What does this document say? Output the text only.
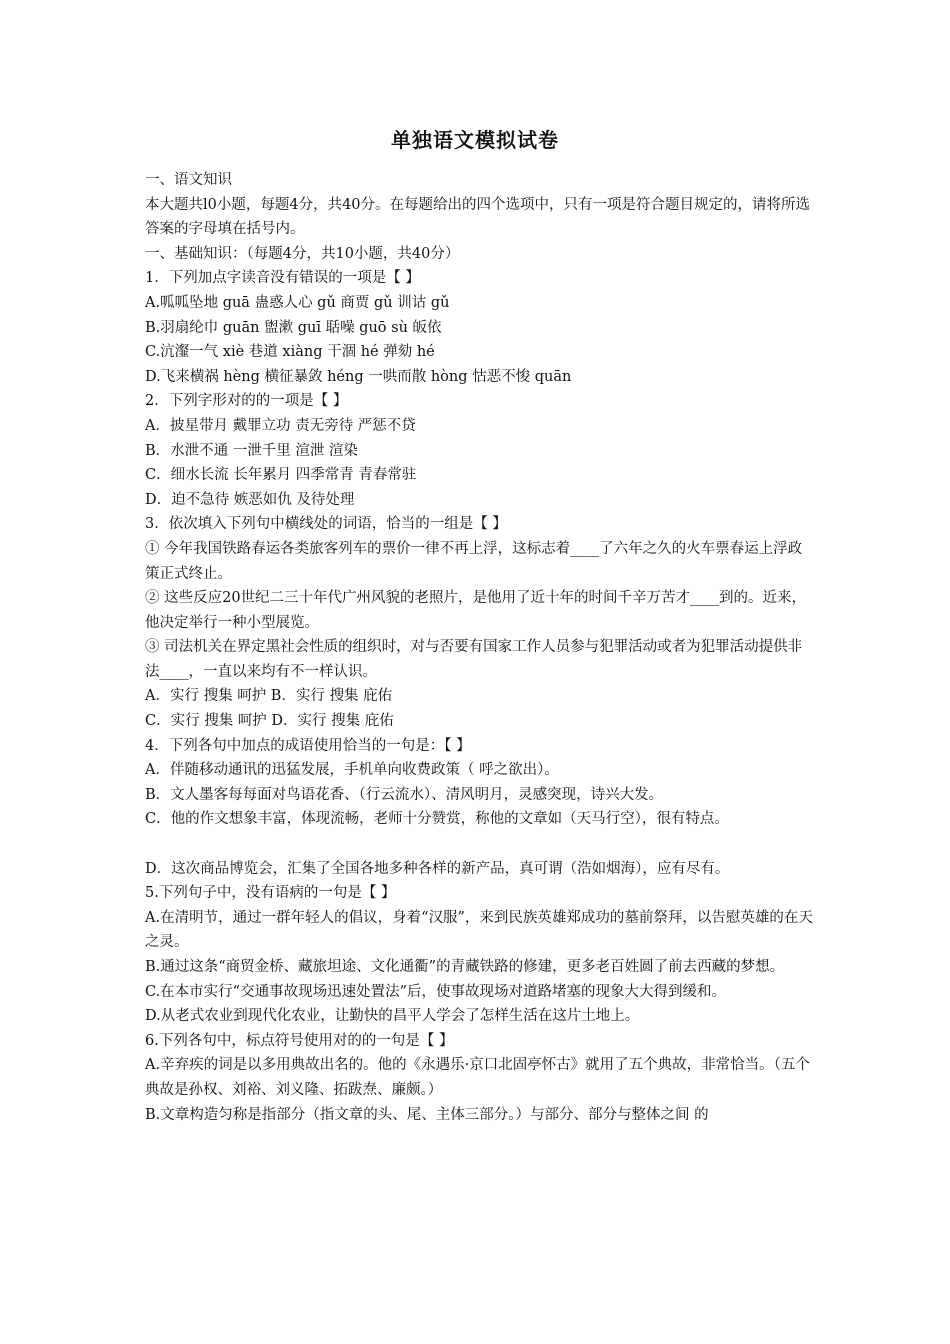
单独语文模拟试卷
一、语文知识
本大题共l0小题，每题4分，共40分。在每题给出的四个选项中，只有一项是符合题目规定的，请将所选答案的字母填在括号内。
一、基础知识：（每题4分，共10小题，共40分）
1．下列加点字读音没有错误的一项是【 】
A.呱呱坠地 guā 蛊惑人心 gǔ 商贾 gǔ 训诂 gǔ
B.羽扇纶巾 guān 盥漱 guī 聒噪 guō sù 皈依
C.沆瀣一气 xiè 巷道 xiàng 干涸 hé 弹劾 hé
D.飞来横祸 hèng 横征暴敛 héng 一哄而散 hòng 怙恶不悛 quān
2．下列字形对的的一项是【 】
A．披星带月 戴罪立功 责无旁待 严惩不贷
B．水泄不通 一泄千里 渲泄 渲染
C．细水长流 长年累月 四季常青 青春常驻
D．迫不急待 嫉恶如仇 及待处理
3．依次填入下列句中横线处的词语，恰当的一组是【 】
① 今年我国铁路春运各类旅客列车的票价一律不再上浮，这标志着____了六年之久的火车票春运上浮政策正式终止。
② 这些反应20世纪二三十年代广州风貌的老照片，是他用了近十年的时间千辛万苦才____到的。近来，他决定举行一种小型展览。
③ 司法机关在界定黑社会性质的组织时，对与否要有国家工作人员参与犯罪活动或者为犯罪活动提供非法____，一直以来均有不一样认识。
A．实行 搜集 呵护 B．实行 搜集 庇佑
C．实行 搜集 呵护 D．实行 搜集 庇佑
4．下列各句中加点的成语使用恰当的一句是：【 】
A．伴随移动通讯的迅猛发展，手机单向收费政策（ 呼之欲出）。
B．文人墨客每每面对鸟语花香、（行云流水）、清风明月，灵感突现，诗兴大发。
C．他的作文想象丰富，体现流畅，老师十分赞赏，称他的文章如（天马行空），很有特点。
D．这次商品博览会，汇集了全国各地多种各样的新产品，真可谓（浩如烟海），应有尽有。
5.下列句子中，没有语病的一句是【 】
A.在清明节，通过一群年轻人的倡议，身着“汉服”，来到民族英雄郑成功的墓前祭拜，以告慰英雄的在天之灵。
B.通过这条“商贸金桥、藏旅坦途、文化通衢”的青藏铁路的修建，更多老百姓圆了前去西藏的梦想。
C.在本市实行“交通事故现场迅速处置法”后，使事故现场对道路堵塞的现象大大得到缓和。
D.从老式农业到现代化农业，让勤快的昌平人学会了怎样生活在这片土地上。
6.下列各句中，标点符号使用对的的一句是【 】
A.辛弃疾的词是以多用典故出名的。他的《永遇乐·京口北固亭怀古》就用了五个典故，非常恰当。（五个典故是孙权、刘裕、刘义隆、拓跋焘、廉颇。）
B.文章构造匀称是指部分（指文章的头、尾、主体三部分。）与部分、部分与整体之间 的
